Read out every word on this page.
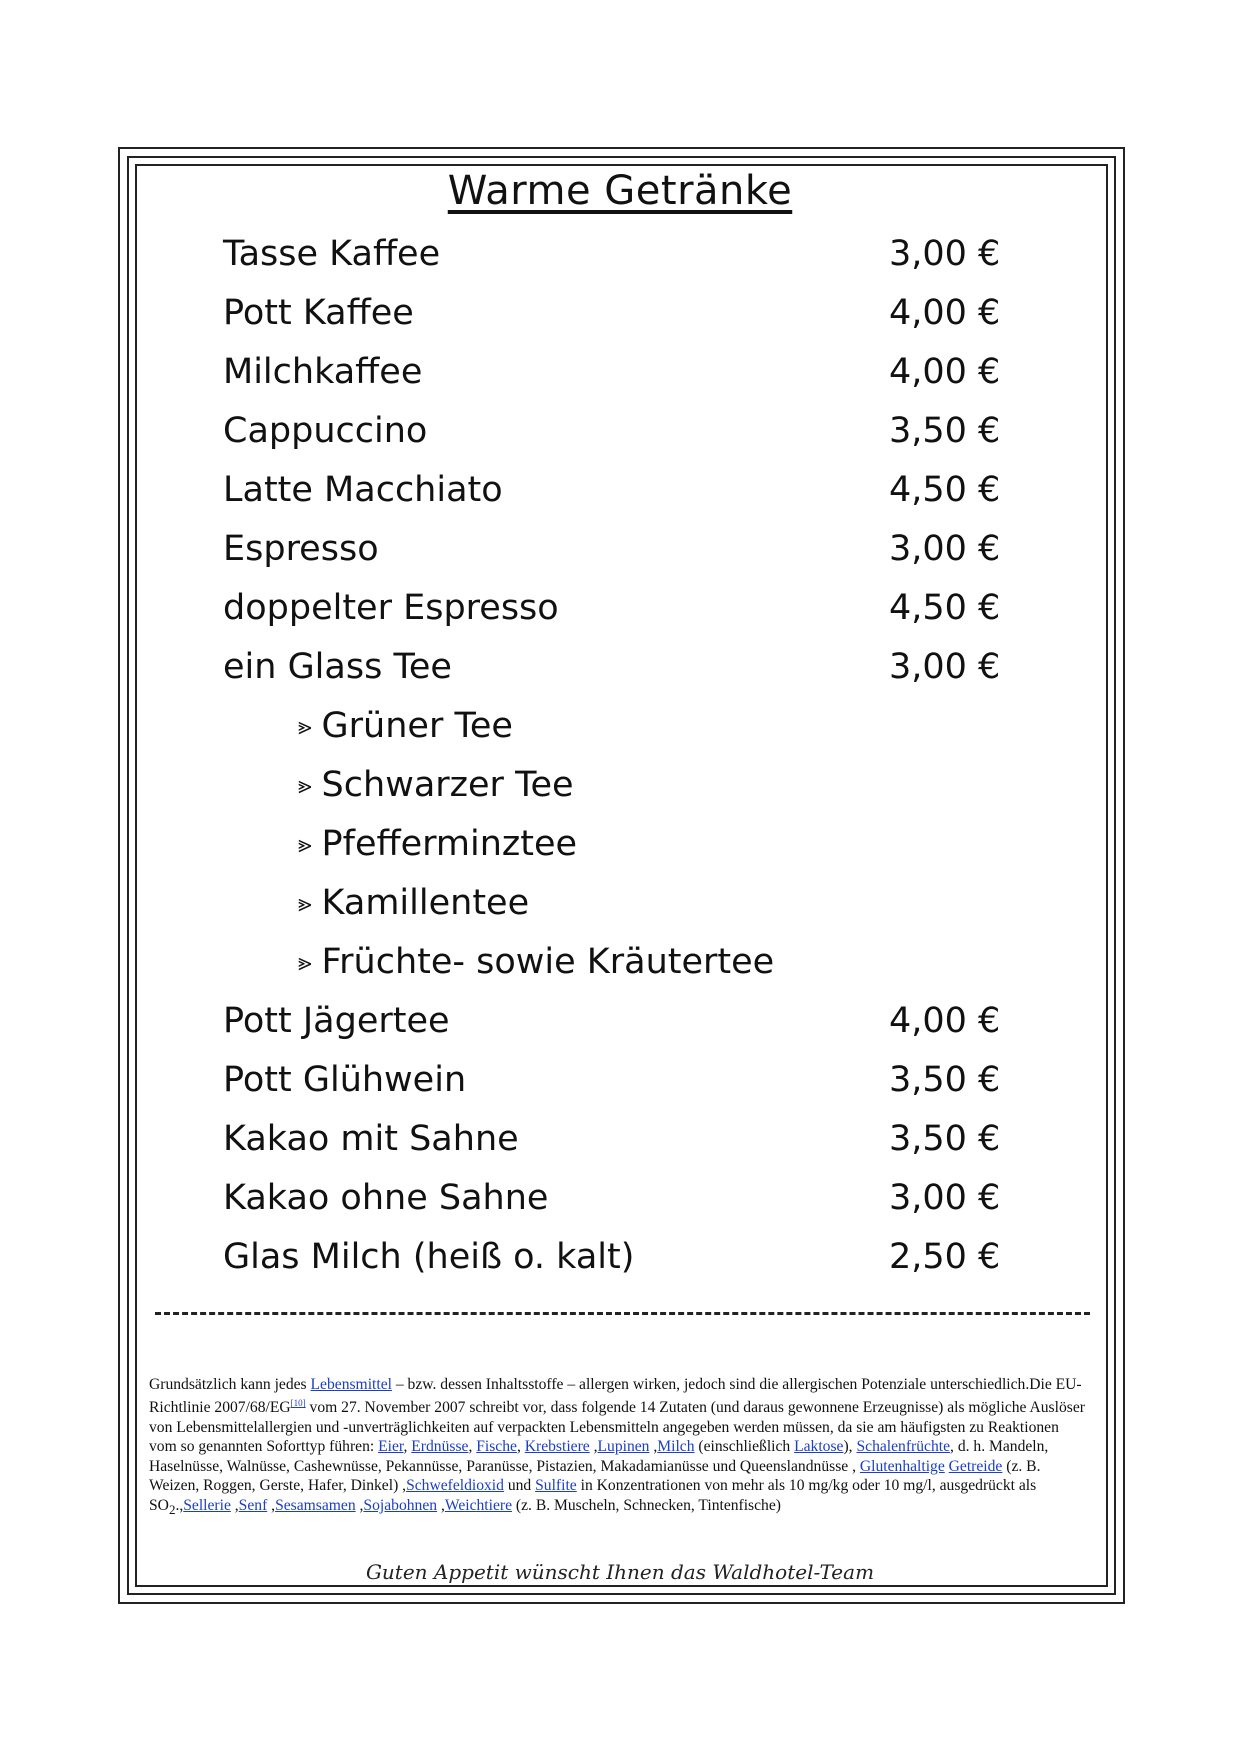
Warme Getränke
Tasse Kaffee	3,00 €
Pott Kaffee	4,00 €
Milchkaffee	4,00 €
Cappuccino	3,50 €
Latte Macchiato	4,50 €
Espresso	3,00 €
doppelter Espresso	4,50 €
ein Glass Tee	3,00 €
⪢ Grüner Tee
⪢ Schwarzer Tee
⪢ Pfefferminztee
⪢ Kamillentee
⪢ Früchte- sowie Kräutertee
Pott Jägertee	4,00 €
Pott Glühwein	3,50 €
Kakao mit Sahne	3,50 €
Kakao ohne Sahne	3,00 €
Glas Milch (heiß o. kalt)	2,50 €
Grundsätzlich kann jedes Lebensmittel – bzw. dessen Inhaltsstoffe – allergen wirken, jedoch sind die allergischen Potenziale unterschiedlich.Die EU-Richtlinie 2007/68/EG[10] vom 27. November 2007 schreibt vor, dass folgende 14 Zutaten (und daraus gewonnene Erzeugnisse) als mögliche Auslöser von Lebensmittelallergien und -unverträglichkeiten auf verpackten Lebensmitteln angegeben werden müssen, da sie am häufigsten zu Reaktionen vom so genannten Soforttyp führen: Eier, Erdnüsse, Fische, Krebstiere ,Lupinen ,Milch (einschließlich Laktose), Schalenfrüchte, d. h. Mandeln, Haselnüsse, Walnüsse, Cashewnüsse, Pekannüsse, Paranüsse, Pistazien, Makadamianüsse und Queenslandnüsse , Glutenhaltige Getreide (z. B. Weizen, Roggen, Gerste, Hafer, Dinkel) ,Schwefeldioxid und Sulfite in Konzentrationen von mehr als 10 mg/kg oder 10 mg/l, ausgedrückt als $SO_2.,Sellerie$ ,Senf ,Sesamsamen ,Sojabohnen ,Weichtiere (z. B. Muscheln, Schnecken, Tintenfische)
Guten Appetit wünscht Ihnen das Waldhotel-Team
